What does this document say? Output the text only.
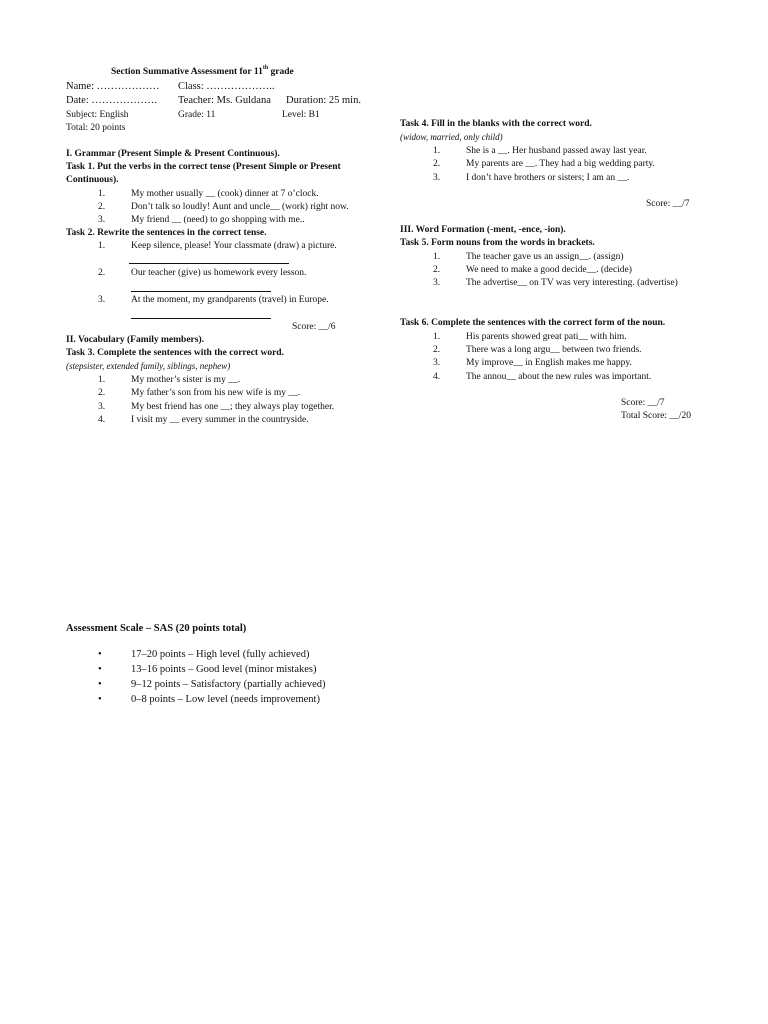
Section Summative Assessment for 11th grade
Name: ……………… Class: ………………..
Date: ………………. Teacher: Ms. Guldana Duration: 25 min.
Subject: English	Grade: 11	Level: B1
Total: 20 points
I. Grammar (Present Simple & Present Continuous).
Task 1. Put the verbs in the correct tense (Present Simple or Present
Continuous).
1.	My mother usually __ (cook) dinner at 7 o’clock.
2.	Don’t talk so loudly! Aunt and uncle__ (work) right now.
3.	My friend __ (need) to go shopping with me..
Task 2. Rewrite the sentences in the correct tense.
1.	Keep silence, please! Your classmate (draw) a picture.
2.	Our teacher (give) us homework every lesson.
3.	At the moment, my grandparents (travel) in Europe.
Score: __/6
II. Vocabulary (Family members).
Task 3. Complete the sentences with the correct word.
(stepsister, extended family, siblings, nephew)
1.	My mother’s sister is my __.
2.	My father’s son from his new wife is my __.
3.	My best friend has one __; they always play together.
4.	I visit my __ every summer in the countryside.
Task 4. Fill in the blanks with the correct word.
(widow, married, only child)
1.	She is a __. Her husband passed away last year.
2.	My parents are __. They had a big wedding party.
3.	I don’t have brothers or sisters; I am an __.
Score: __/7
III. Word Formation (-ment, -ence, -ion).
Task 5. Form nouns from the words in brackets.
1.	The teacher gave us an assign__. (assign)
2.	We need to make a good decide__. (decide)
3.	The advertise__ on TV was very interesting. (advertise)
Task 6. Complete the sentences with the correct form of the noun.
1.	His parents showed great pati__ with him.
2.	There was a long argu__ between two friends.
3.	My improve__ in English makes me happy.
4.	The annou__ about the new rules was important.
Score: __/7
Total Score: __/20
Assessment Scale – SAS (20 points total)
•	17–20 points – High level (fully achieved)
•	13–16 points – Good level (minor mistakes)
•	9–12 points – Satisfactory (partially achieved)
•	0–8 points – Low level (needs improvement)
